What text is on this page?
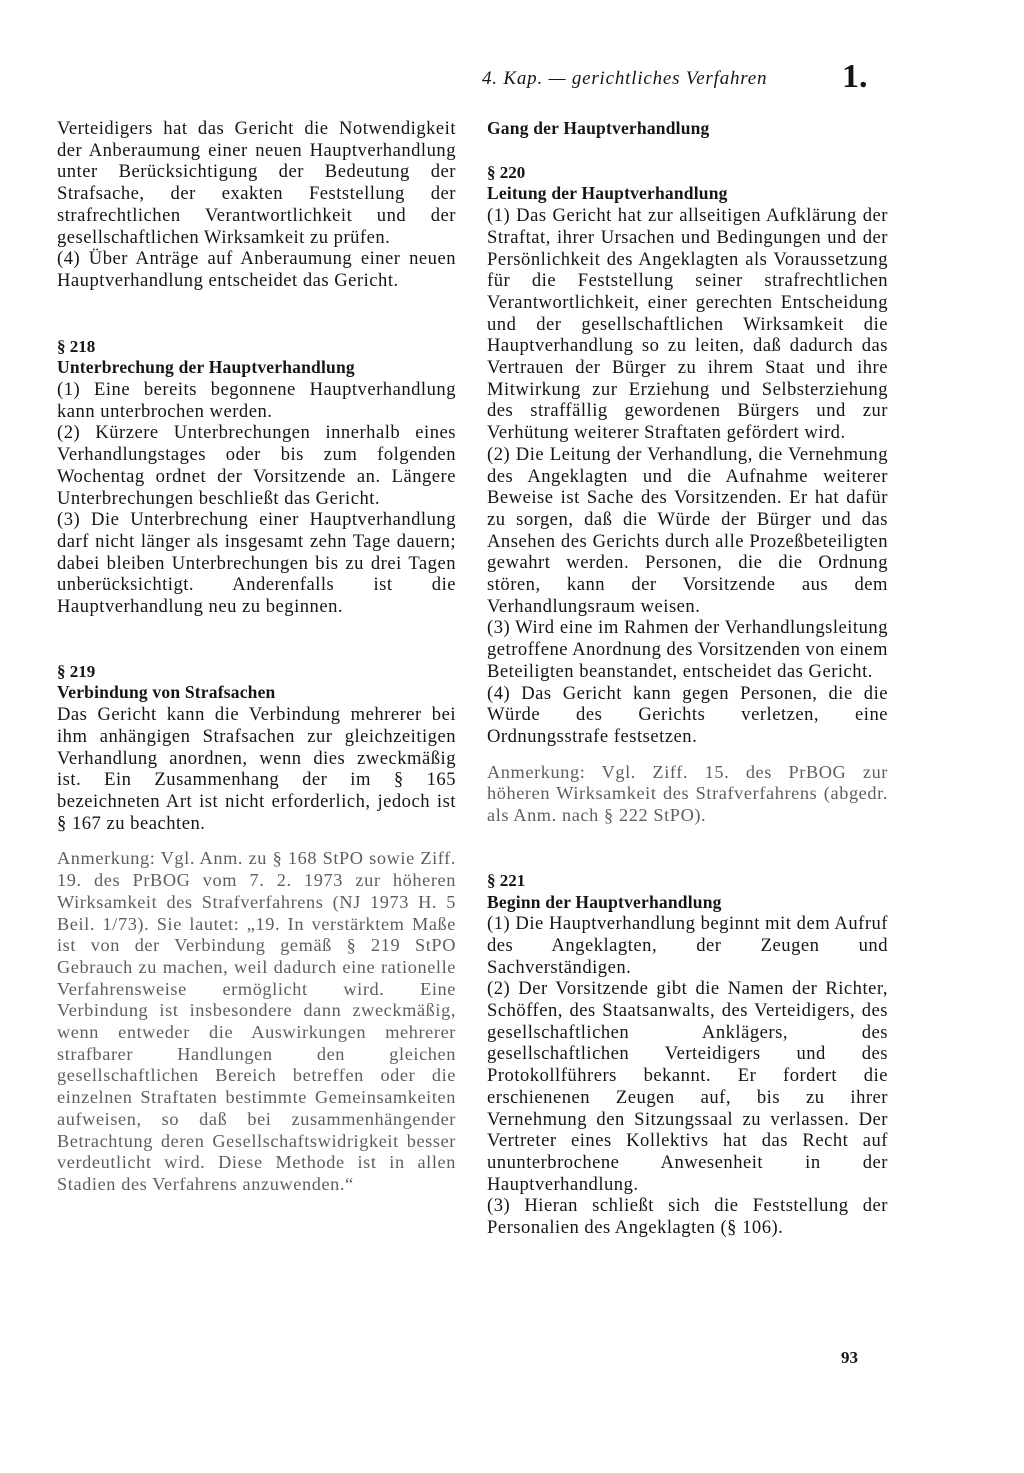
4. Kap. — gerichtliches Verfahren 1.

Verteidigers hat das Gericht die Notwendigkeit der Anberaumung einer neuen Hauptverhandlung unter Berücksichtigung der Bedeutung der Strafsache, der exakten Feststellung der strafrechtlichen Verantwortlichkeit und der gesellschaftlichen Wirksamkeit zu prüfen.

(4) Über Anträge auf Anberaumung einer neuen Hauptverhandlung entscheidet das Gericht.

§ 218

Unterbrechung der Hauptverhandlung

(1) Eine bereits begonnene Hauptverhandlung kann unterbrochen werden.

(2) Kürzere Unterbrechungen innerhalb eines Verhandlungstages oder bis zum folgenden Wochentag ordnet der Vorsitzende an. Längere Unterbrechungen beschließt das Gericht.

(3) Die Unterbrechung einer Hauptverhandlung darf nicht länger als insgesamt zehn Tage dauern; dabei bleiben Unterbrechungen bis zu drei Tagen unberücksichtigt. Anderenfalls ist die Hauptverhandlung neu zu beginnen.

§ 219

Verbindung von Strafsachen

Das Gericht kann die Verbindung mehrerer bei ihm anhängigen Strafsachen zur gleichzeitigen Verhandlung anordnen, wenn dies zweckmäßig ist. Ein Zusammenhang der im § 165 bezeichneten Art ist nicht erforderlich, jedoch ist § 167 zu beachten.

Anmerkung: Vgl. Anm. zu § 168 StPO sowie Ziff. 19. des PrBOG vom 7. 2. 1973 zur höheren Wirksamkeit des Strafverfahrens (NJ 1973 H. 5 Beil. 1/73). Sie lautet: „19. In verstärktem Maße ist von der Verbindung gemäß § 219 StPO Gebrauch zu machen, weil dadurch eine rationelle Verfahrensweise ermöglicht wird. Eine Verbindung ist insbesondere dann zweckmäßig, wenn entweder die Auswirkungen mehrerer strafbarer Handlungen den gleichen gesellschaftlichen Bereich betreffen oder die einzelnen Straftaten bestimmte Gemeinsamkeiten aufweisen, so daß bei zusammenhängender Betrachtung deren Gesellschaftswidrigkeit besser verdeutlicht wird. Diese Methode ist in allen Stadien des Verfahrens anzuwenden.“

Gang der Hauptverhandlung

§ 220

Leitung der Hauptverhandlung

(1) Das Gericht hat zur allseitigen Aufklärung der Straftat, ihrer Ursachen und Bedingungen und der Persönlichkeit des Angeklagten als Voraussetzung für die Feststellung seiner strafrechtlichen Verantwortlichkeit, einer gerechten Entscheidung und der gesellschaftlichen Wirksamkeit die Hauptverhandlung so zu leiten, daß dadurch das Vertrauen der Bürger zu ihrem Staat und ihre Mitwirkung zur Erziehung und Selbsterziehung des straffällig gewordenen Bürgers und zur Verhütung weiterer Straftaten gefördert wird.

(2) Die Leitung der Verhandlung, die Vernehmung des Angeklagten und die Aufnahme weiterer Beweise ist Sache des Vorsitzenden. Er hat dafür zu sorgen, daß die Würde der Bürger und das Ansehen des Gerichts durch alle Prozeßbeteiligten gewahrt werden. Personen, die die Ordnung stören, kann der Vorsitzende aus dem Verhandlungsraum weisen.

(3) Wird eine im Rahmen der Verhandlungsleitung getroffene Anordnung des Vorsitzenden von einem Beteiligten beanstandet, entscheidet das Gericht.

(4) Das Gericht kann gegen Personen, die die Würde des Gerichts verletzen, eine Ordnungsstrafe festsetzen.

Anmerkung: Vgl. Ziff. 15. des PrBOG zur höheren Wirksamkeit des Strafverfahrens (abgedr. als Anm. nach § 222 StPO).

§ 221

Beginn der Hauptverhandlung

(1) Die Hauptverhandlung beginnt mit dem Aufruf des Angeklagten, der Zeugen und Sachverständigen.

(2) Der Vorsitzende gibt die Namen der Richter, Schöffen, des Staatsanwalts, des Verteidigers, des gesellschaftlichen Anklägers, des gesellschaftlichen Verteidigers und des Protokollführers bekannt. Er fordert die erschienenen Zeugen auf, bis zu ihrer Vernehmung den Sitzungssaal zu verlassen. Der Vertreter eines Kollektivs hat das Recht auf ununterbrochene Anwesenheit in der Hauptverhandlung.

(3) Hieran schließt sich die Feststellung der Personalien des Angeklagten (§ 106).

93
